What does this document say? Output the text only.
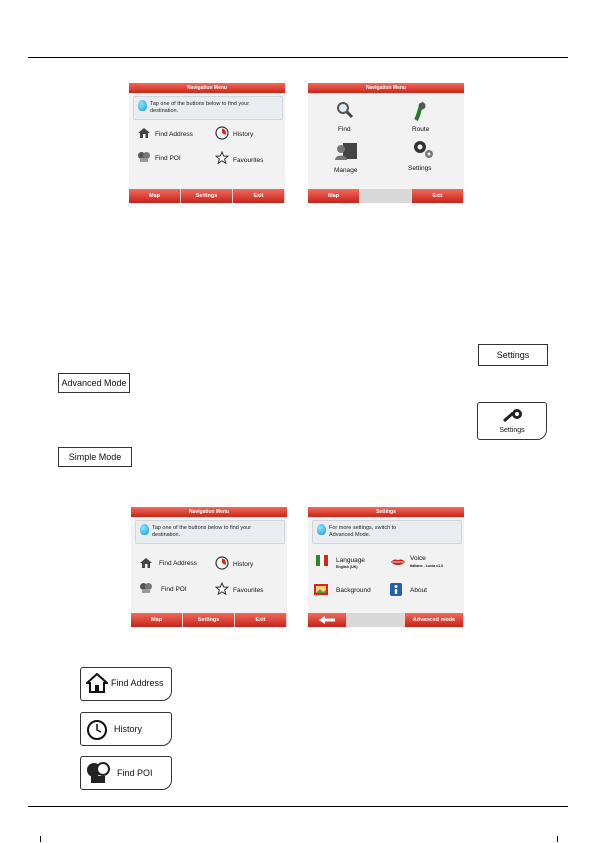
Navigation Menu
Tap one of the buttons below to find your destination.
Find Address	History
Find POI	Favourites
Map	Settings	Exit
Navigation Menu
Find	Route
Manage	Settings
Map	Exit
Settings
Advanced Mode
Settings
Simple Mode
Navigation Menu
Tap one of the buttons below to find your destination.
Find Address	History
Find POI	Favourites
Map	Settings	Exit
Settings
For more settings, switch to Advanced Mode.
Language
English (UK)
Voice
Italiano - Lucia v1.0
Background	About
Advanced mode
Find Address
History
Find POI
